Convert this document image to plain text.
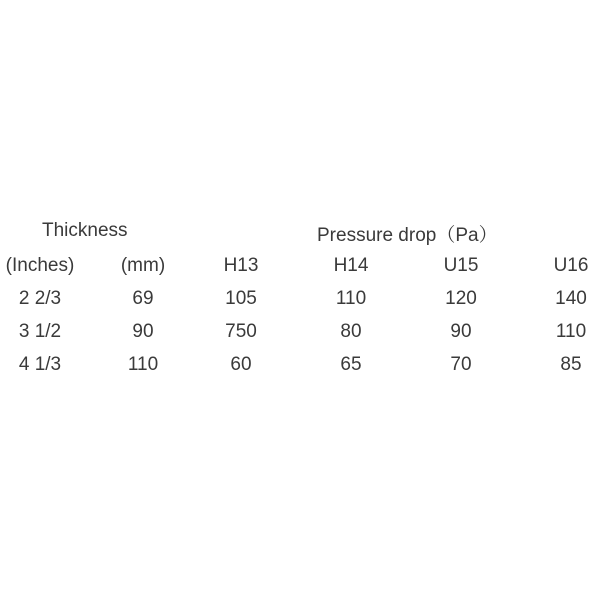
Thickness	Pressure drop（Pa）
(Inches) (mm)	H13	H14	U15	U16
2 2/3	69	105	110	120	140
3 1/2	90	750	80	90	110
4 1/3	110	60	65	70	85
